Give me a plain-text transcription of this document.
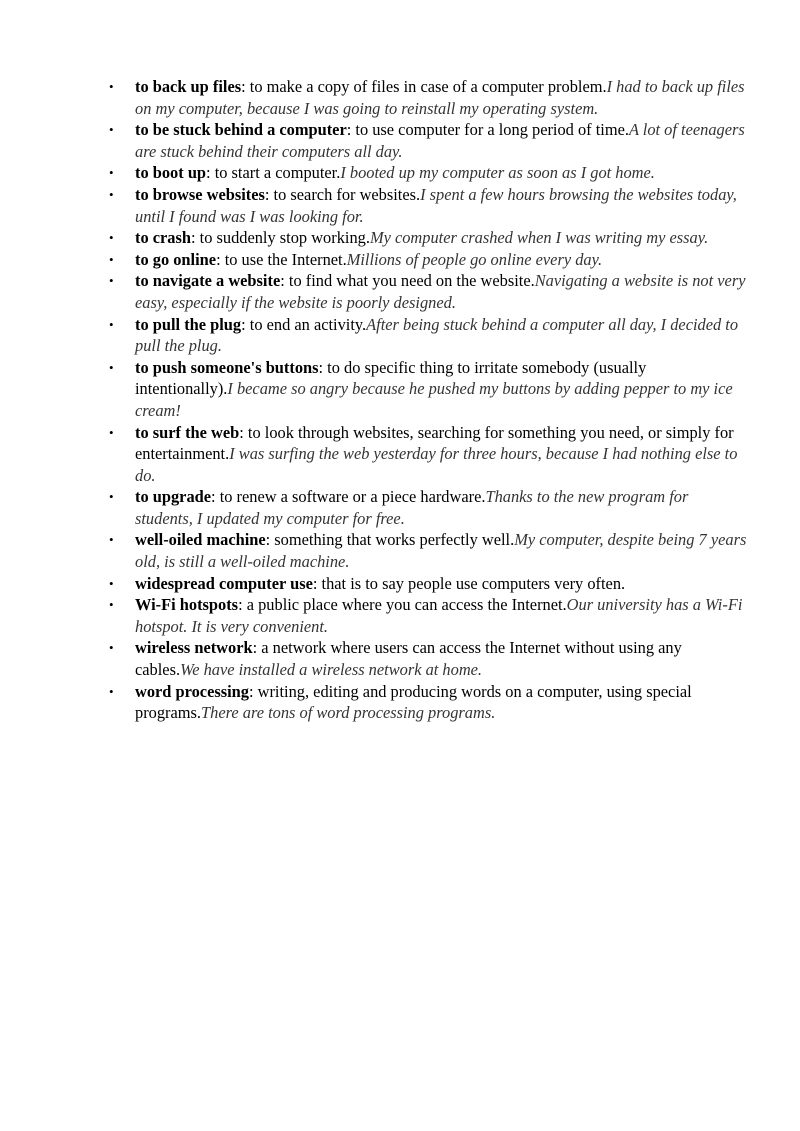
• to back up files: to make a copy of files in case of a computer problem.I had to back up files on my computer, because I was going to reinstall my operating system.
• to be stuck behind a computer: to use computer for a long period of time.A lot of teenagers are stuck behind their computers all day.
• to boot up: to start a computer.I booted up my computer as soon as I got home.
• to browse websites: to search for websites.I spent a few hours browsing the websites today, until I found was I was looking for.
• to crash: to suddenly stop working.My computer crashed when I was writing my essay.
• to go online: to use the Internet.Millions of people go online every day.
• to navigate a website: to find what you need on the website.Navigating a website is not very easy, especially if the website is poorly designed.
• to pull the plug: to end an activity.After being stuck behind a computer all day, I decided to pull the plug.
• to push someone's buttons: to do specific thing to irritate somebody (usually intentionally).I became so angry because he pushed my buttons by adding pepper to my ice cream!
• to surf the web: to look through websites, searching for something you need, or simply for entertainment.I was surfing the web yesterday for three hours, because I had nothing else to do.
• to upgrade: to renew a software or a piece hardware.Thanks to the new program for students, I updated my computer for free.
• well-oiled machine: something that works perfectly well.My computer, despite being 7 years old, is still a well-oiled machine.
• widespread computer use: that is to say people use computers very often.
• Wi-Fi hotspots: a public place where you can access the Internet.Our university has a Wi-Fi hotspot. It is very convenient.
• wireless network: a network where users can access the Internet without using any cables.We have installed a wireless network at home.
• word processing: writing, editing and producing words on a computer, using special programs.There are tons of word processing programs.
